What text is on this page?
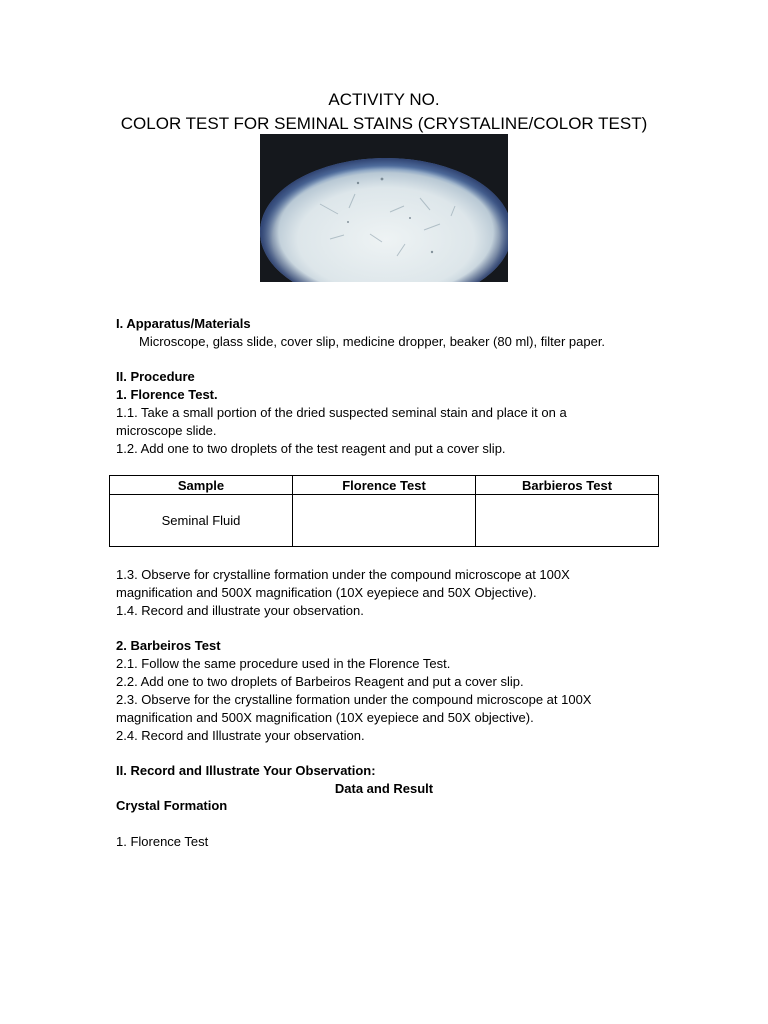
ACTIVITY NO.
COLOR TEST FOR SEMINAL STAINS (CRYSTALINE/COLOR TEST)
I. Apparatus/Materials
Microscope, glass slide, cover slip, medicine dropper, beaker (80 ml), filter paper.
II. Procedure
1. Florence Test.
1.1. Take a small portion of the dried suspected seminal stain and place it on a
microscope slide.
1.2. Add one to two droplets of the test reagent and put a cover slip.
Sample	Florence Test	Barbieros Test
Seminal Fluid		
1.3. Observe for crystalline formation under the compound microscope at 100X
magnification and 500X magnification (10X eyepiece and 50X Objective).
1.4. Record and illustrate your observation.
2. Barbeiros Test
2.1. Follow the same procedure used in the Florence Test.
2.2. Add one to two droplets of Barbeiros Reagent and put a cover slip.
2.3. Observe for the crystalline formation under the compound microscope at 100X
magnification and 500X magnification (10X eyepiece and 50X objective).
2.4. Record and Illustrate your observation.
II. Record and Illustrate Your Observation:
Data and Result
Crystal Formation
1. Florence Test
